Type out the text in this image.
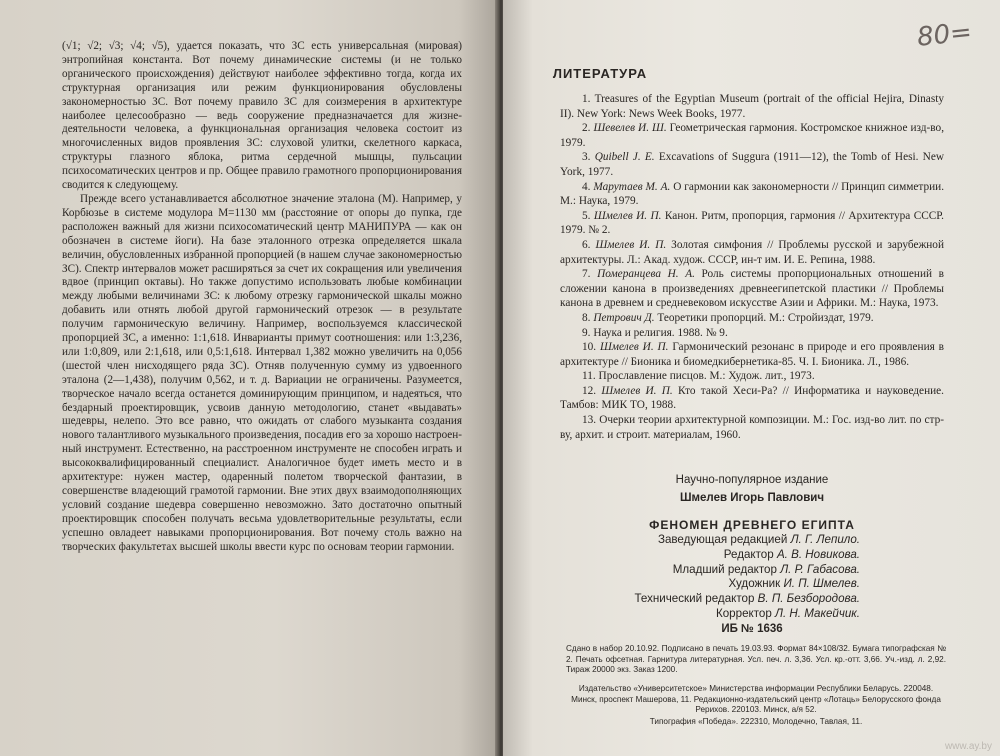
(√1; √2; √3; √4; √5), удается показать, что ЗС есть универсальная (мировая) энтропийная константа. Вот почему динамические системы (и не только органического происхождения) действуют наиболее эффективно тогда, когда их структурная организация или режим функционирования обусловлены закономерностью ЗС. Вот почему правило ЗС для соизмерения в архитектуре наиболее целесообразно — ведь сооружение предназначается для жизнедеятельности человека, а функциональная организация человека состоит из многочисленных видов проявления ЗС: слуховой улитки, скелетного каркаса, структуры глазного яблока, ритма сердечной мышцы, пульсации психосоматических центров и пр. Общее правило грамотного пропорционирования сводится к следующему.

Прежде всего устанавливается абсолютное значение эталона (М). Например, у Корбюзье в системе модулора М=1130 мм (расстояние от опоры до пупка, где расположен важный для жизни психосоматический центр МАНИПУРА — как он обозначен в системе йоги). На базе эталонного отрезка определяется шкала величин, обусловленных избранной пропорцией (в нашем случае закономерностью ЗС). Спектр интервалов может расширяться за счет их сокращения или увеличения вдвое (принцип октавы). Но также допустимо использовать любые комбинации между любыми величинами ЗС: к любому отрезку гармонической шкалы можно добавить или отнять любой другой гармонический отрезок — в результате получим гармоническую величину. Например, воспользуемся классической пропорцией ЗС, а именно: 1:1,618. Инварианты примут соотношения: или 1:3,236, или 1:0,809, или 2:1,618, или 0,5:1,618. Интервал 1,382 можно увеличить на 0,056 (шестой член нисходящего ряда ЗС). Отняв полученную сумму из удвоенного эталона (2—1,438), получим 0,562, и т. д. Вариации не ограничены. Разумеется, творческое начало всегда останется доминирующим принципом, и надеяться, что бездарный проектировщик, усвоив данную методологию, станет «выдавать» шедевры, нелепо. Это все равно, что ожидать от слабого музыканта создания нового талантливого музыкального произведения, посадив его за хорошо настроенный инструмент. Естественно, на расстроенном инструменте не способен играть и высококвалифицированный специалист. Аналогичное будет иметь место и в архитектуре: нужен мастер, одаренный полетом творческой фантазии, в совершенстве владеющий грамотой гармонии. Вне этих двух взаимодополняющих условий создание шедевра совершенно невозможно. Зато достаточно опытный проектировщик способен получать весьма удовлетворительные результаты, если успешно овладеет навыками пропорционирования. Вот почему столь важно на творческих факультетах высшей школы ввести курс по основам теории гармонии.

80=
ЛИТЕРАТУРА
1. Treasures of the Egyptian Museum (portrait of the official Hejira, Dinasty II). New York: News Week Books, 1977.
2. Шевелев И. Ш. Геометрическая гармония. Костромское книжное изд-во, 1979.
3. Quibell J. E. Excavations of Suggura (1911—12), the Tomb of Hesi. New York, 1977.
4. Марутаев М. А. О гармонии как закономерности // Принцип симметрии. М.: Наука, 1979.
5. Шмелев И. П. Канон. Ритм, пропорция, гармония // Архитектура СССР. 1979. № 2.
6. Шмелев И. П. Золотая симфония // Проблемы русской и зарубежной архитектуры. Л.: Акад. худож. СССР, ин-т им. И. Е. Репина, 1988.
7. Померанцева Н. А. Роль системы пропорциональных отношений в сложении канона в произведениях древнеегипетской пластики // Проблемы канона в древнем и средневековом искусстве Азии и Африки. М.: Наука, 1973.
8. Петрович Д. Теоретики пропорций. М.: Стройиздат, 1979.
9. Наука и религия. 1988. № 9.
10. Шмелев И. П. Гармонический резонанс в природе и его проявления в архитектуре // Бионика и биомедкибернетика-85. Ч. I. Бионика. Л., 1986.
11. Прославление писцов. М.: Худож. лит., 1973.
12. Шмелев И. П. Кто такой Хеси-Ра? // Информатика и науковедение. Тамбов: МИК ТО, 1988.
13. Очерки теории архитектурной композиции. М.: Гос. изд-во лит. по стр-ву, архит. и строит. материалам, 1960.
Научно-популярное издание
Шмелев Игорь Павлович
ФЕНОМЕН ДРЕВНЕГО ЕГИПТА
Заведующая редакцией Л. Г. Лепило.
Редактор А. В. Новикова.
Младший редактор Л. Р. Габасова.
Художник И. П. Шмелев.
Технический редактор В. П. Безбородова.
Корректор Л. Н. Макейчик.
ИБ № 1636
Сдано в набор 20.10.92. Подписано в печать 19.03.93. Формат 84×108/32. Бумага типографская № 2. Печать офсетная. Гарнитура литературная. Усл. печ. л. 3,36. Усл. кр.-отт. 3,66. Уч.-изд. л. 2,92. Тираж 20000 экз. Заказ 1200.
Издательство «Университетское» Министерства информации Республики Беларусь. 220048. Минск, проспект Машерова, 11. Редакционно-издательский центр «Лотаць» Белорусского фонда Рерихов. 220103. Минск, а/я 52.
Типография «Победа». 222310, Молодечно, Тавлая, 11.
www.ay.by
